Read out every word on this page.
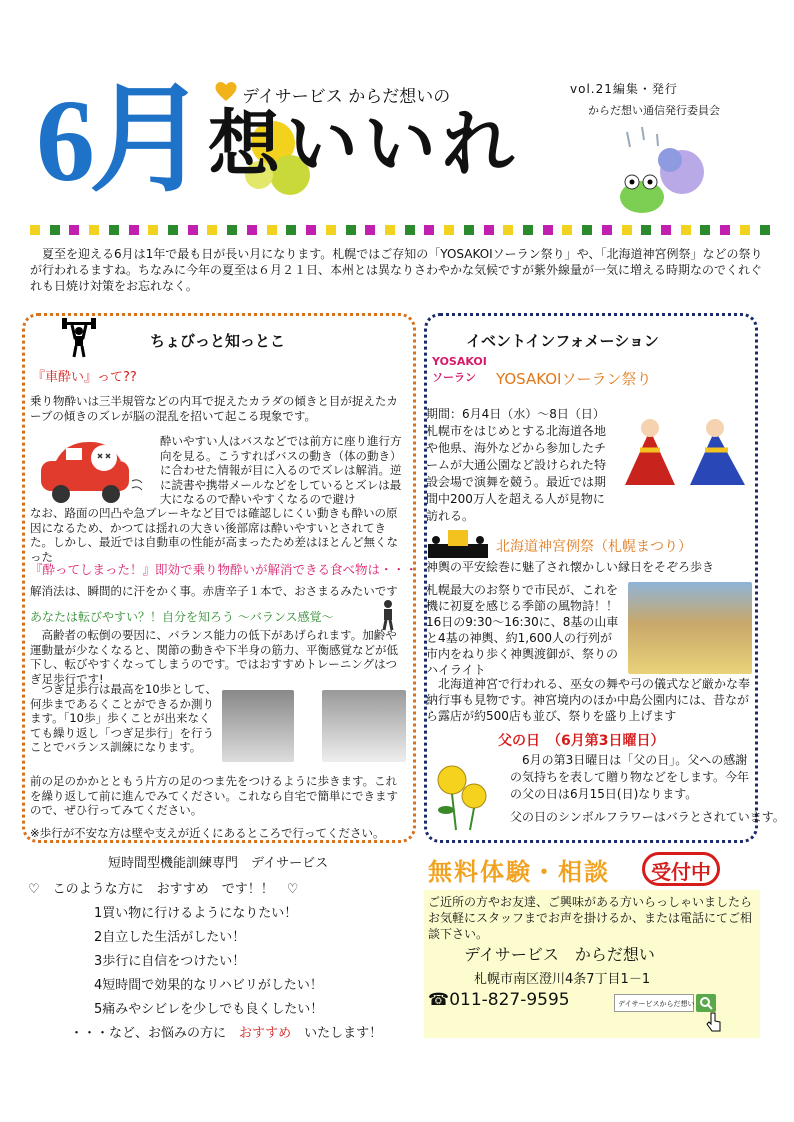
6月 デイサービス からだ想いの
想いいれ
vol.21編集・発行
からだ想い通信発行委員会
夏至を迎える6月は1年で最も日が長い月になります。札幌ではご存知の「YOSAKOIソーラン祭り」や、「北海道神宮例祭」などの祭りが行われるますね。ちなみに今年の夏至は６月２１日、本州とは異なりさわやかな気候ですが紫外線量が一気に増える時期なのでくれぐれも日焼け対策をお忘れなく。
ちょびっと知っとこ
『車酔い』って??
乗り物酔いは三半規管などの内耳で捉えたカラダの傾きと目が捉えたカーブの傾きのズレが脳の混乱を招いて起こる現象です。
酔いやすい人はバスなどでは前方に座り進行方向を見る。こうすればバスの動き（体の動き）に合わせた情報が目に入るのでズレは解消。逆に読書や携帯メールなどをしているとズレは最大になるので酔いやすくなるので避け
なお、路面の凹凸や急ブレーキなど目では確認しにくい動きも酔いの原因になるため、かつては揺れの大きい後部席は酔いやすいとされてきた。しかし、最近では自動車の性能が高まったため差はほとんど無くなった
『酔ってしまった！』即効で乗り物酔いが解消できる食べ物は・・・
解消法は、瞬間的に汗をかく事。赤唐辛子１本で、おさまるみたいです
あなたは転びやすい？！自分を知ろう ～バランス感覚～
高齢者の転倒の要因に、バランス能力の低下があげられます。加齢や運動量が少なくなると、関節の動きや下半身の筋力、平衡感覚などが低下し、転びやすくなってしまうのです。ではおすすめトレーニングはつぎ足歩行です!
つぎ足歩行は最高を10歩として、何歩まであるくことができるか測ります。「10歩」歩くことが出来なくても繰り返し「つぎ足歩行」を行うことでバランス訓練になります。
前の足のかかとともう片方の足のつま先をつけるように歩きます。これを繰り返して前に進んでみてください。これなら自宅で簡単にできますので、ぜひ行ってみてください。
※歩行が不安な方は壁や支えが近くにあるところで行ってください。
イベントインフォメーション
YOSAKOI ソーラン	YOSAKOIソーラン祭り
期間：6月4日（水）～8日（日）　札幌市をはじめとする北海道各地や他県、海外などから参加したチームが大通公園など設けられた特設会場で演舞を競う。最近では期間中200万人を超える人が見物に訪れる。
北海道神宮例祭（札幌まつり）
神輿の平安絵巻に魅了され懐かしい縁日をそぞろ歩き
札幌最大のお祭りで市民が、これを機に初夏を感じる季節の風物詩！！16日の9:30～16:30に、8基の山車と4基の神輿、約1,600人の行列が市内をねり歩く神輿渡御が、祭りのハイライト
北海道神宮で行われる、巫女の舞や弓の儀式など厳かな奉納行事も見物です。神宮境内のほか中島公園内には、昔ながら露店が約500店も並び、祭りを盛り上げます
父の日　（6月第3日曜日）
6月の第3日曜日は「父の日」。父への感謝の気持ちを表して贈り物などをします。今年の父の日は6月15日(日)なります。
父の日のシンボルフラワーはバラとされています。
短時間型機能訓練専門　デイサービス
♡　このような方に　おすすめ　です！！　♡
1買い物に行けるようになりたい！
2自立した生活がしたい！
3歩行に自信をつけたい！
4短時間で効果的なリハビリがしたい！
5痛みやシビレを少しでも良くしたい！
・・・など、お悩みの方に　おすすめ　いたします！
無料体験・相談	受付中
ご近所の方やお友達、ご興味がある方いらっしゃいましたらお気軽にスタッフまでお声を掛けるか、または電話にてご相談下さい。
デイサービス　からだ想い
札幌市南区澄川4条7丁目1－1
☎011-827-9595	デイサービスからだ想い
